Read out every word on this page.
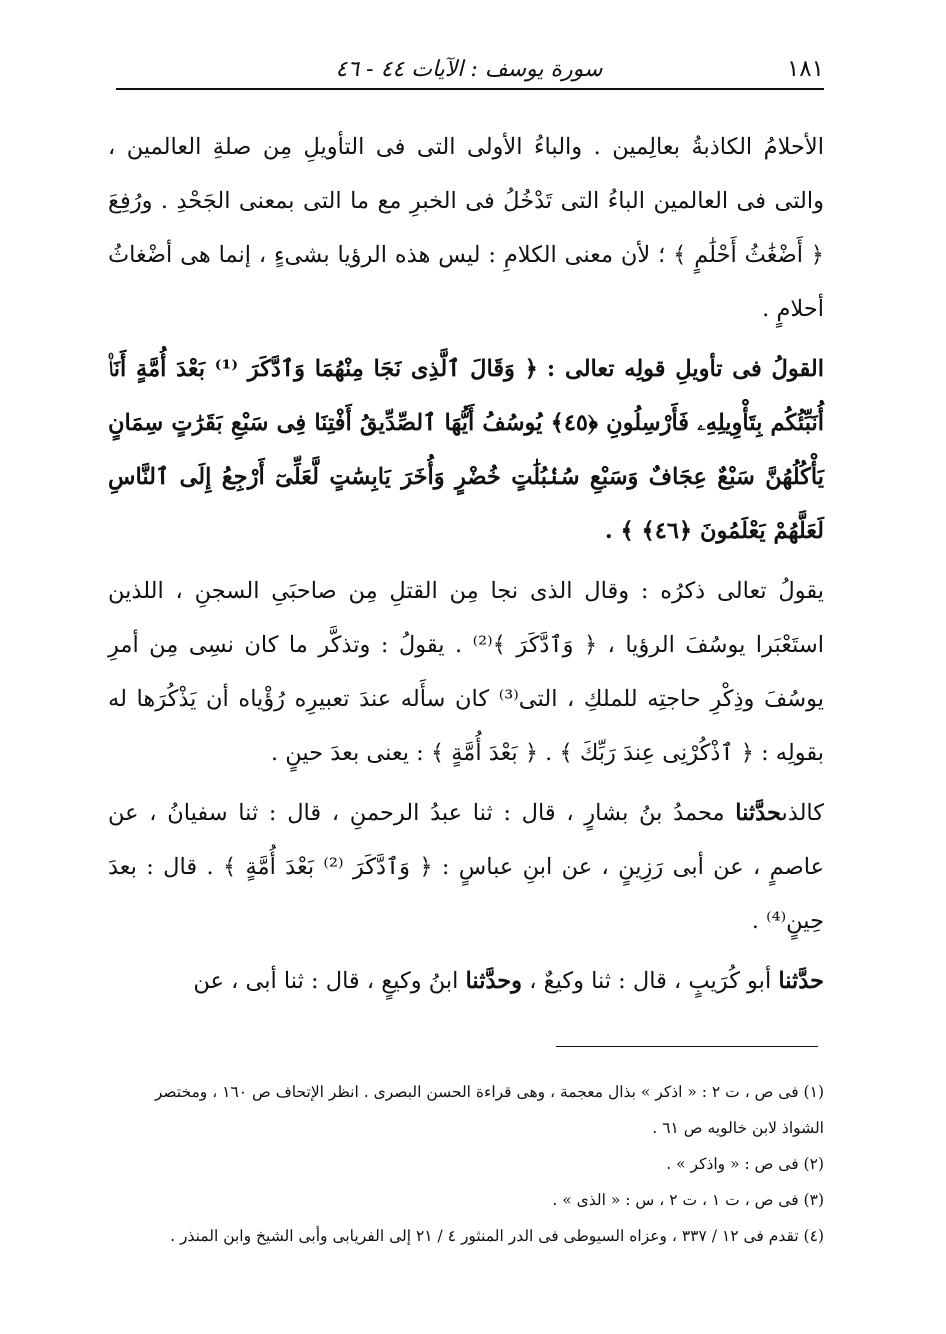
١٨١
سورة يوسف : الآيات ٤٤ - ٤٦

الأحلامُ الكاذبةُ بعالِمين . والباءُ الأولى التى فى التأويلِ مِن صلةِ العالمين ، والتى فى العالمين الباءُ التى تَدْخُلُ فى الخبرِ مع ما التى بمعنى الجَحْدِ . ورُفِعَ ﴿ أَضْغَٰثُ أَحْلَٰمٍ ﴾ ؛ لأن معنى الكلامِ : ليس هذه الرؤيا بشىءٍ ، إنما هى أضْغاثُ أحلامٍ .

القولُ فى تأويلِ قولِه تعالى : ﴿ وَقَالَ ٱلَّذِى نَجَا مِنْهُمَا وَٱدَّكَرَ ⁽¹⁾ بَعْدَ أُمَّةٍ أَنَا۠ أُنَبِّئُكُم بِتَأْوِيلِهِۦ فَأَرْسِلُونِ ﴿٤٥﴾ يُوسُفُ أَيُّهَا ٱلصِّدِّيقُ أَفْتِنَا فِى سَبْعِ بَقَرَٰتٍ سِمَانٍ يَأْكُلُهُنَّ سَبْعٌ عِجَافٌ وَسَبْعِ سُنۢبُلَٰتٍ خُضْرٍ وَأُخَرَ يَابِسَٰتٍ لَّعَلِّىٓ أَرْجِعُ إِلَى ٱلنَّاسِ لَعَلَّهُمْ يَعْلَمُونَ ﴿٤٦﴾ ﴾ .

يقولُ تعالى ذكرُه : وقال الذى نجا مِن القتلِ مِن صاحبَىِ السجنِ ، اللذين استَعْبَرا يوسُفَ الرؤيا ، ﴿ وَٱدَّكَرَ ﴾⁽²⁾ . يقولُ : وتذكَّر ما كان نسِى مِن أمرِ يوسُفَ وذِكْرِ حاجتِه للملكِ ، التى⁽³⁾ كان سأَله عندَ تعبيرِه رُؤْياه أن يَذْكُرَها له بقولِه : ﴿ ٱذْكُرْنِى عِندَ رَبِّكَ ﴾ . ﴿ بَعْدَ أُمَّةٍ ﴾ : يعنى بعدَ حينٍ .

كالذىحدَّثنا محمدُ بنُ بشارٍ ، قال : ثنا عبدُ الرحمنِ ، قال : ثنا سفيانُ ، عن عاصمٍ ، عن أبى رَزِينٍ ، عن ابنِ عباسٍ : ﴿ وَٱدَّكَرَ ⁽²⁾ بَعْدَ أُمَّةٍ ﴾ . قال : بعدَ حِينٍ⁽⁴⁾ .

حدَّثنا أبو كُرَيبٍ ، قال : ثنا وكيعٌ ، وحدَّثنا ابنُ وكيعٍ ، قال : ثنا أبى ، عن

(١) فى ص ، ت ٢ : « اذكر » بذال معجمة ، وهى قراءة الحسن البصرى . انظر الإتحاف ص ١٦٠ ، ومختصر الشواذ لابن خالويه ص ٦١ .

(٢) فى ص : « واذكر » .

(٣) فى ص ، ت ١ ، ت ٢ ، س : « الذى » .

(٤) تقدم فى ١٢ / ٣٣٧ ، وعزاه السيوطى فى الدر المنثور ٤ / ٢١ إلى الفريابى وأبى الشيخ وابن المنذر .
